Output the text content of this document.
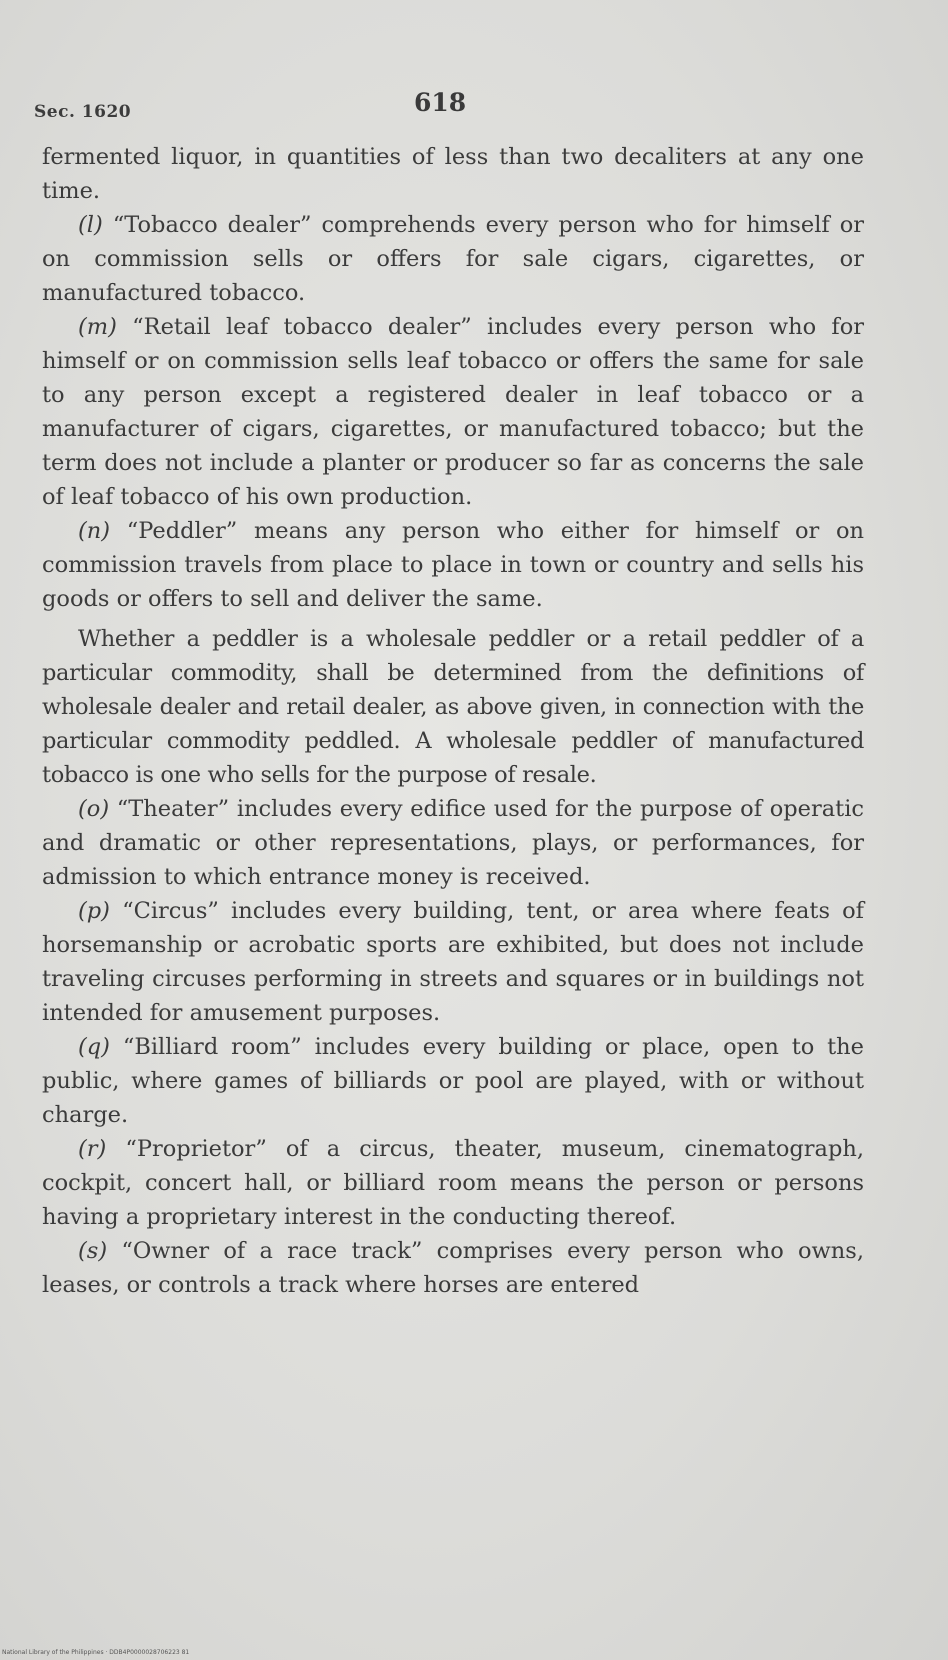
Sec. 1620	618

fermented liquor, in quantities of less than two decaliters at any one time.

(l) “Tobacco dealer” comprehends every person who for himself or on commission sells or offers for sale cigars, cigarettes, or manufactured tobacco.

(m) “Retail leaf tobacco dealer” includes every person who for himself or on commission sells leaf tobacco or offers the same for sale to any person except a registered dealer in leaf tobacco or a manufacturer of cigars, cigarettes, or manufactured tobacco; but the term does not include a planter or producer so far as concerns the sale of leaf tobacco of his own production.

(n) “Peddler” means any person who either for himself or on commission travels from place to place in town or country and sells his goods or offers to sell and deliver the same.

Whether a peddler is a wholesale peddler or a retail peddler of a particular commodity, shall be determined from the definitions of wholesale dealer and retail dealer, as above given, in connection with the particular commodity peddled. A wholesale peddler of manufactured tobacco is one who sells for the purpose of resale.

(o) “Theater” includes every edifice used for the purpose of operatic and dramatic or other representations, plays, or performances, for admission to which entrance money is received.

(p) “Circus” includes every building, tent, or area where feats of horsemanship or acrobatic sports are exhibited, but does not include traveling circuses performing in streets and squares or in buildings not intended for amusement purposes.

(q) “Billiard room” includes every building or place, open to the public, where games of billiards or pool are played, with or without charge.

(r) “Proprietor” of a circus, theater, museum, cinematograph, cockpit, concert hall, or billiard room means the person or persons having a proprietary interest in the conducting thereof.

(s) “Owner of a race track” comprises every person who owns, leases, or controls a track where horses are entered

National Library of the Philippines · DDB4P0000028706223 81
